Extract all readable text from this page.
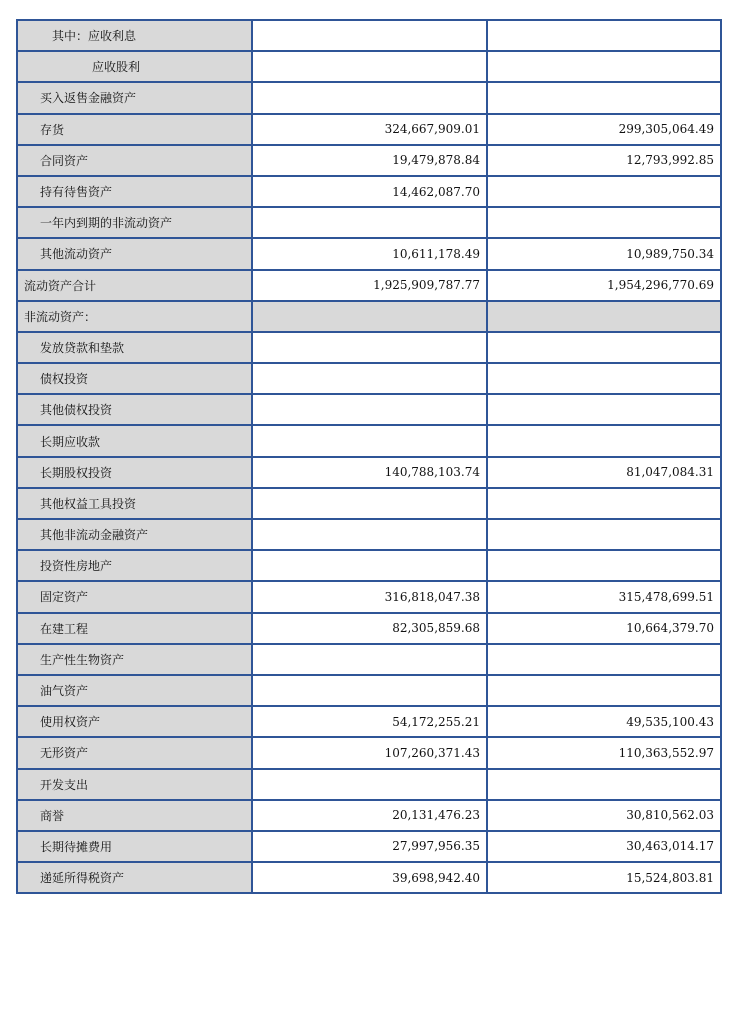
其中：应收利息		
应收股利		
买入返售金融资产		
存货	324,667,909.01	299,305,064.49
合同资产	19,479,878.84	12,793,992.85
持有待售资产	14,462,087.70	
一年内到期的非流动资产		
其他流动资产	10,611,178.49	10,989,750.34
流动资产合计	1,925,909,787.77	1,954,296,770.69
非流动资产：		
发放贷款和垫款		
债权投资		
其他债权投资		
长期应收款		
长期股权投资	140,788,103.74	81,047,084.31
其他权益工具投资		
其他非流动金融资产		
投资性房地产		
固定资产	316,818,047.38	315,478,699.51
在建工程	82,305,859.68	10,664,379.70
生产性生物资产		
油气资产		
使用权资产	54,172,255.21	49,535,100.43
无形资产	107,260,371.43	110,363,552.97
开发支出		
商誉	20,131,476.23	30,810,562.03
长期待摊费用	27,997,956.35	30,463,014.17
递延所得税资产	39,698,942.40	15,524,803.81
